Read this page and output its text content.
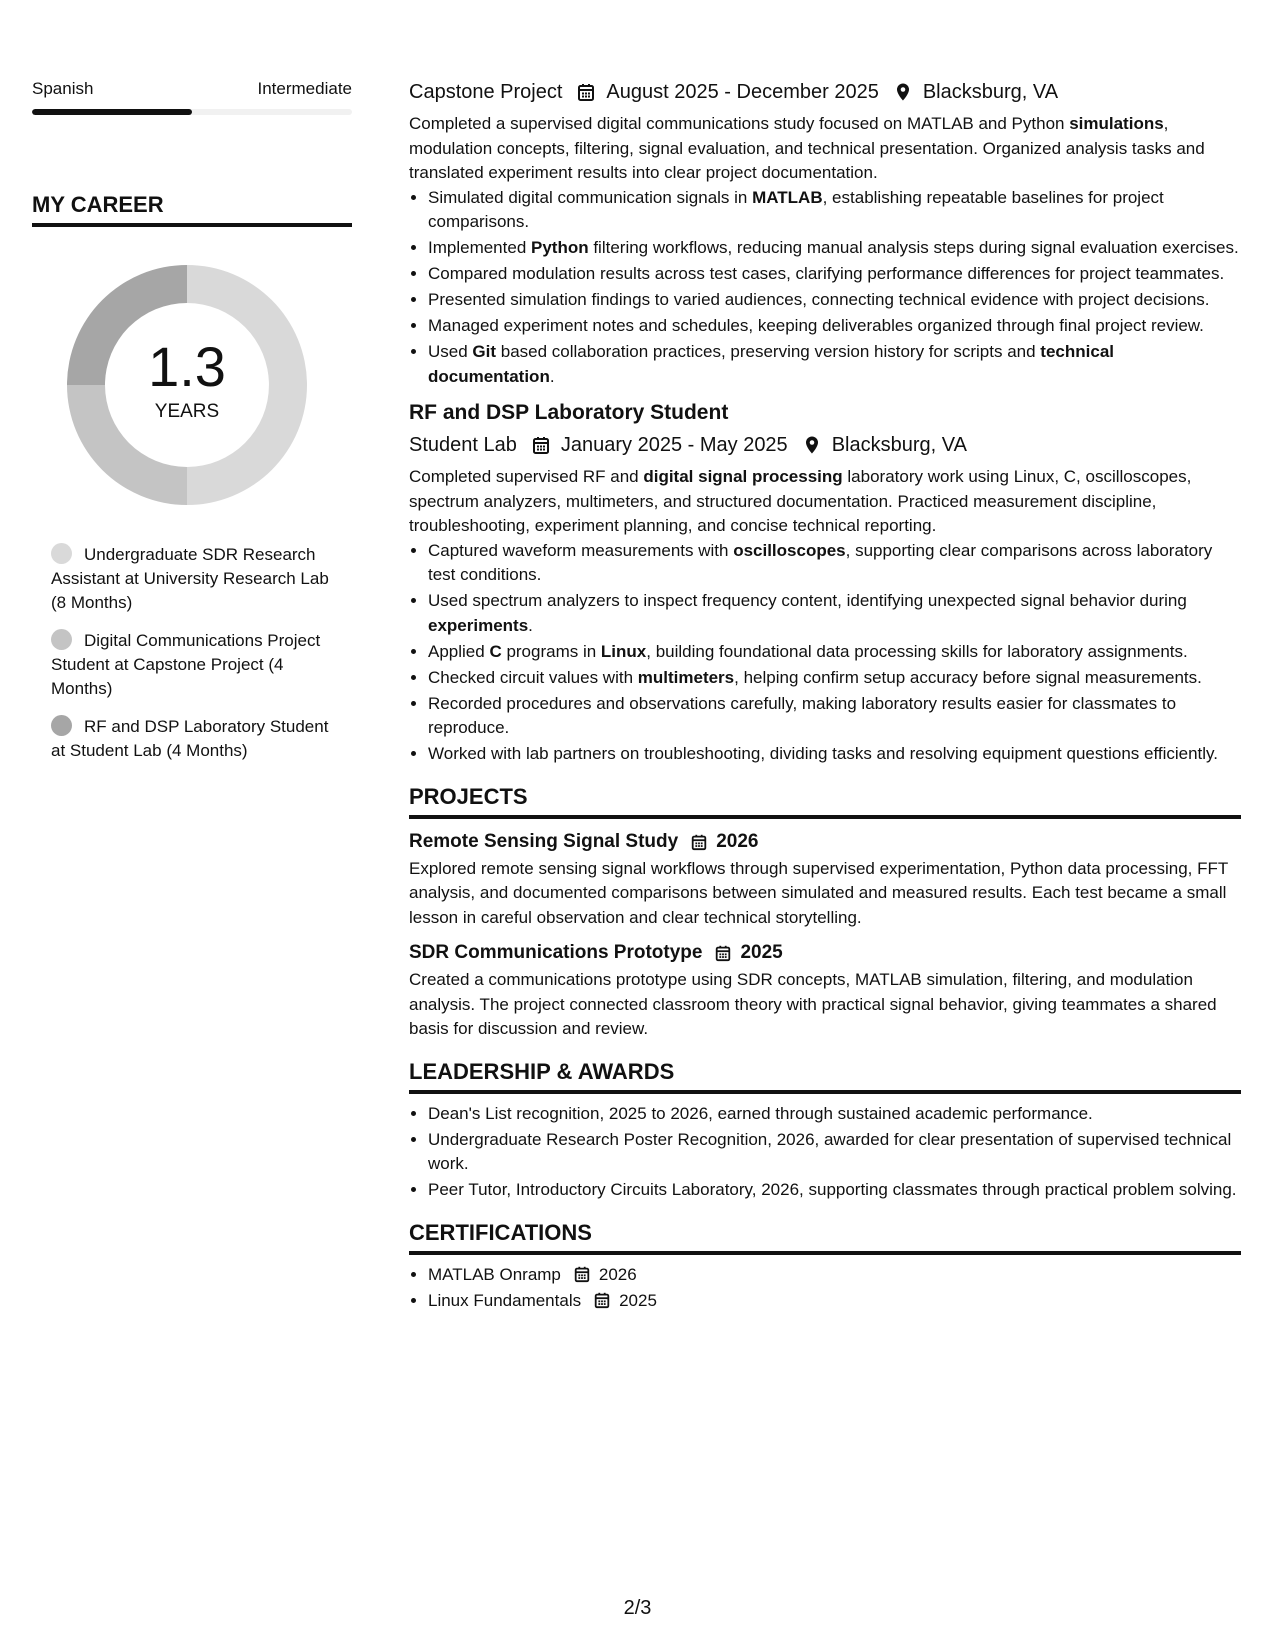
Spanish	Intermediate
MY CAREER
1.3
YEARS
Undergraduate SDR Research Assistant at University Research Lab (8 Months)
Digital Communications Project Student at Capstone Project (4 Months)
RF and DSP Laboratory Student at Student Lab (4 Months)
Capstone Project August 2025 - December 2025 Blacksburg, VA
Completed a supervised digital communications study focused on MATLAB and Python simulations, modulation concepts, filtering, signal evaluation, and technical presentation. Organized analysis tasks and translated experiment results into clear project documentation.
• Simulated digital communication signals in MATLAB, establishing repeatable baselines for project comparisons.
• Implemented Python filtering workflows, reducing manual analysis steps during signal evaluation exercises.
• Compared modulation results across test cases, clarifying performance differences for project teammates.
• Presented simulation findings to varied audiences, connecting technical evidence with project decisions.
• Managed experiment notes and schedules, keeping deliverables organized through final project review.
• Used Git based collaboration practices, preserving version history for scripts and technical documentation.
RF and DSP Laboratory Student
Student Lab January 2025 - May 2025 Blacksburg, VA
Completed supervised RF and digital signal processing laboratory work using Linux, C, oscilloscopes, spectrum analyzers, multimeters, and structured documentation. Practiced measurement discipline, troubleshooting, experiment planning, and concise technical reporting.
• Captured waveform measurements with oscilloscopes, supporting clear comparisons across laboratory test conditions.
• Used spectrum analyzers to inspect frequency content, identifying unexpected signal behavior during experiments.
• Applied C programs in Linux, building foundational data processing skills for laboratory assignments.
• Checked circuit values with multimeters, helping confirm setup accuracy before signal measurements.
• Recorded procedures and observations carefully, making laboratory results easier for classmates to reproduce.
• Worked with lab partners on troubleshooting, dividing tasks and resolving equipment questions efficiently.
PROJECTS
Remote Sensing Signal Study 2026
Explored remote sensing signal workflows through supervised experimentation, Python data processing, FFT analysis, and documented comparisons between simulated and measured results. Each test became a small lesson in careful observation and clear technical storytelling.
SDR Communications Prototype 2025
Created a communications prototype using SDR concepts, MATLAB simulation, filtering, and modulation analysis. The project connected classroom theory with practical signal behavior, giving teammates a shared basis for discussion and review.
LEADERSHIP & AWARDS
• Dean's List recognition, 2025 to 2026, earned through sustained academic performance.
• Undergraduate Research Poster Recognition, 2026, awarded for clear presentation of supervised technical work.
• Peer Tutor, Introductory Circuits Laboratory, 2026, supporting classmates through practical problem solving.
CERTIFICATIONS
• MATLAB Onramp 2026
• Linux Fundamentals 2025
2/3
